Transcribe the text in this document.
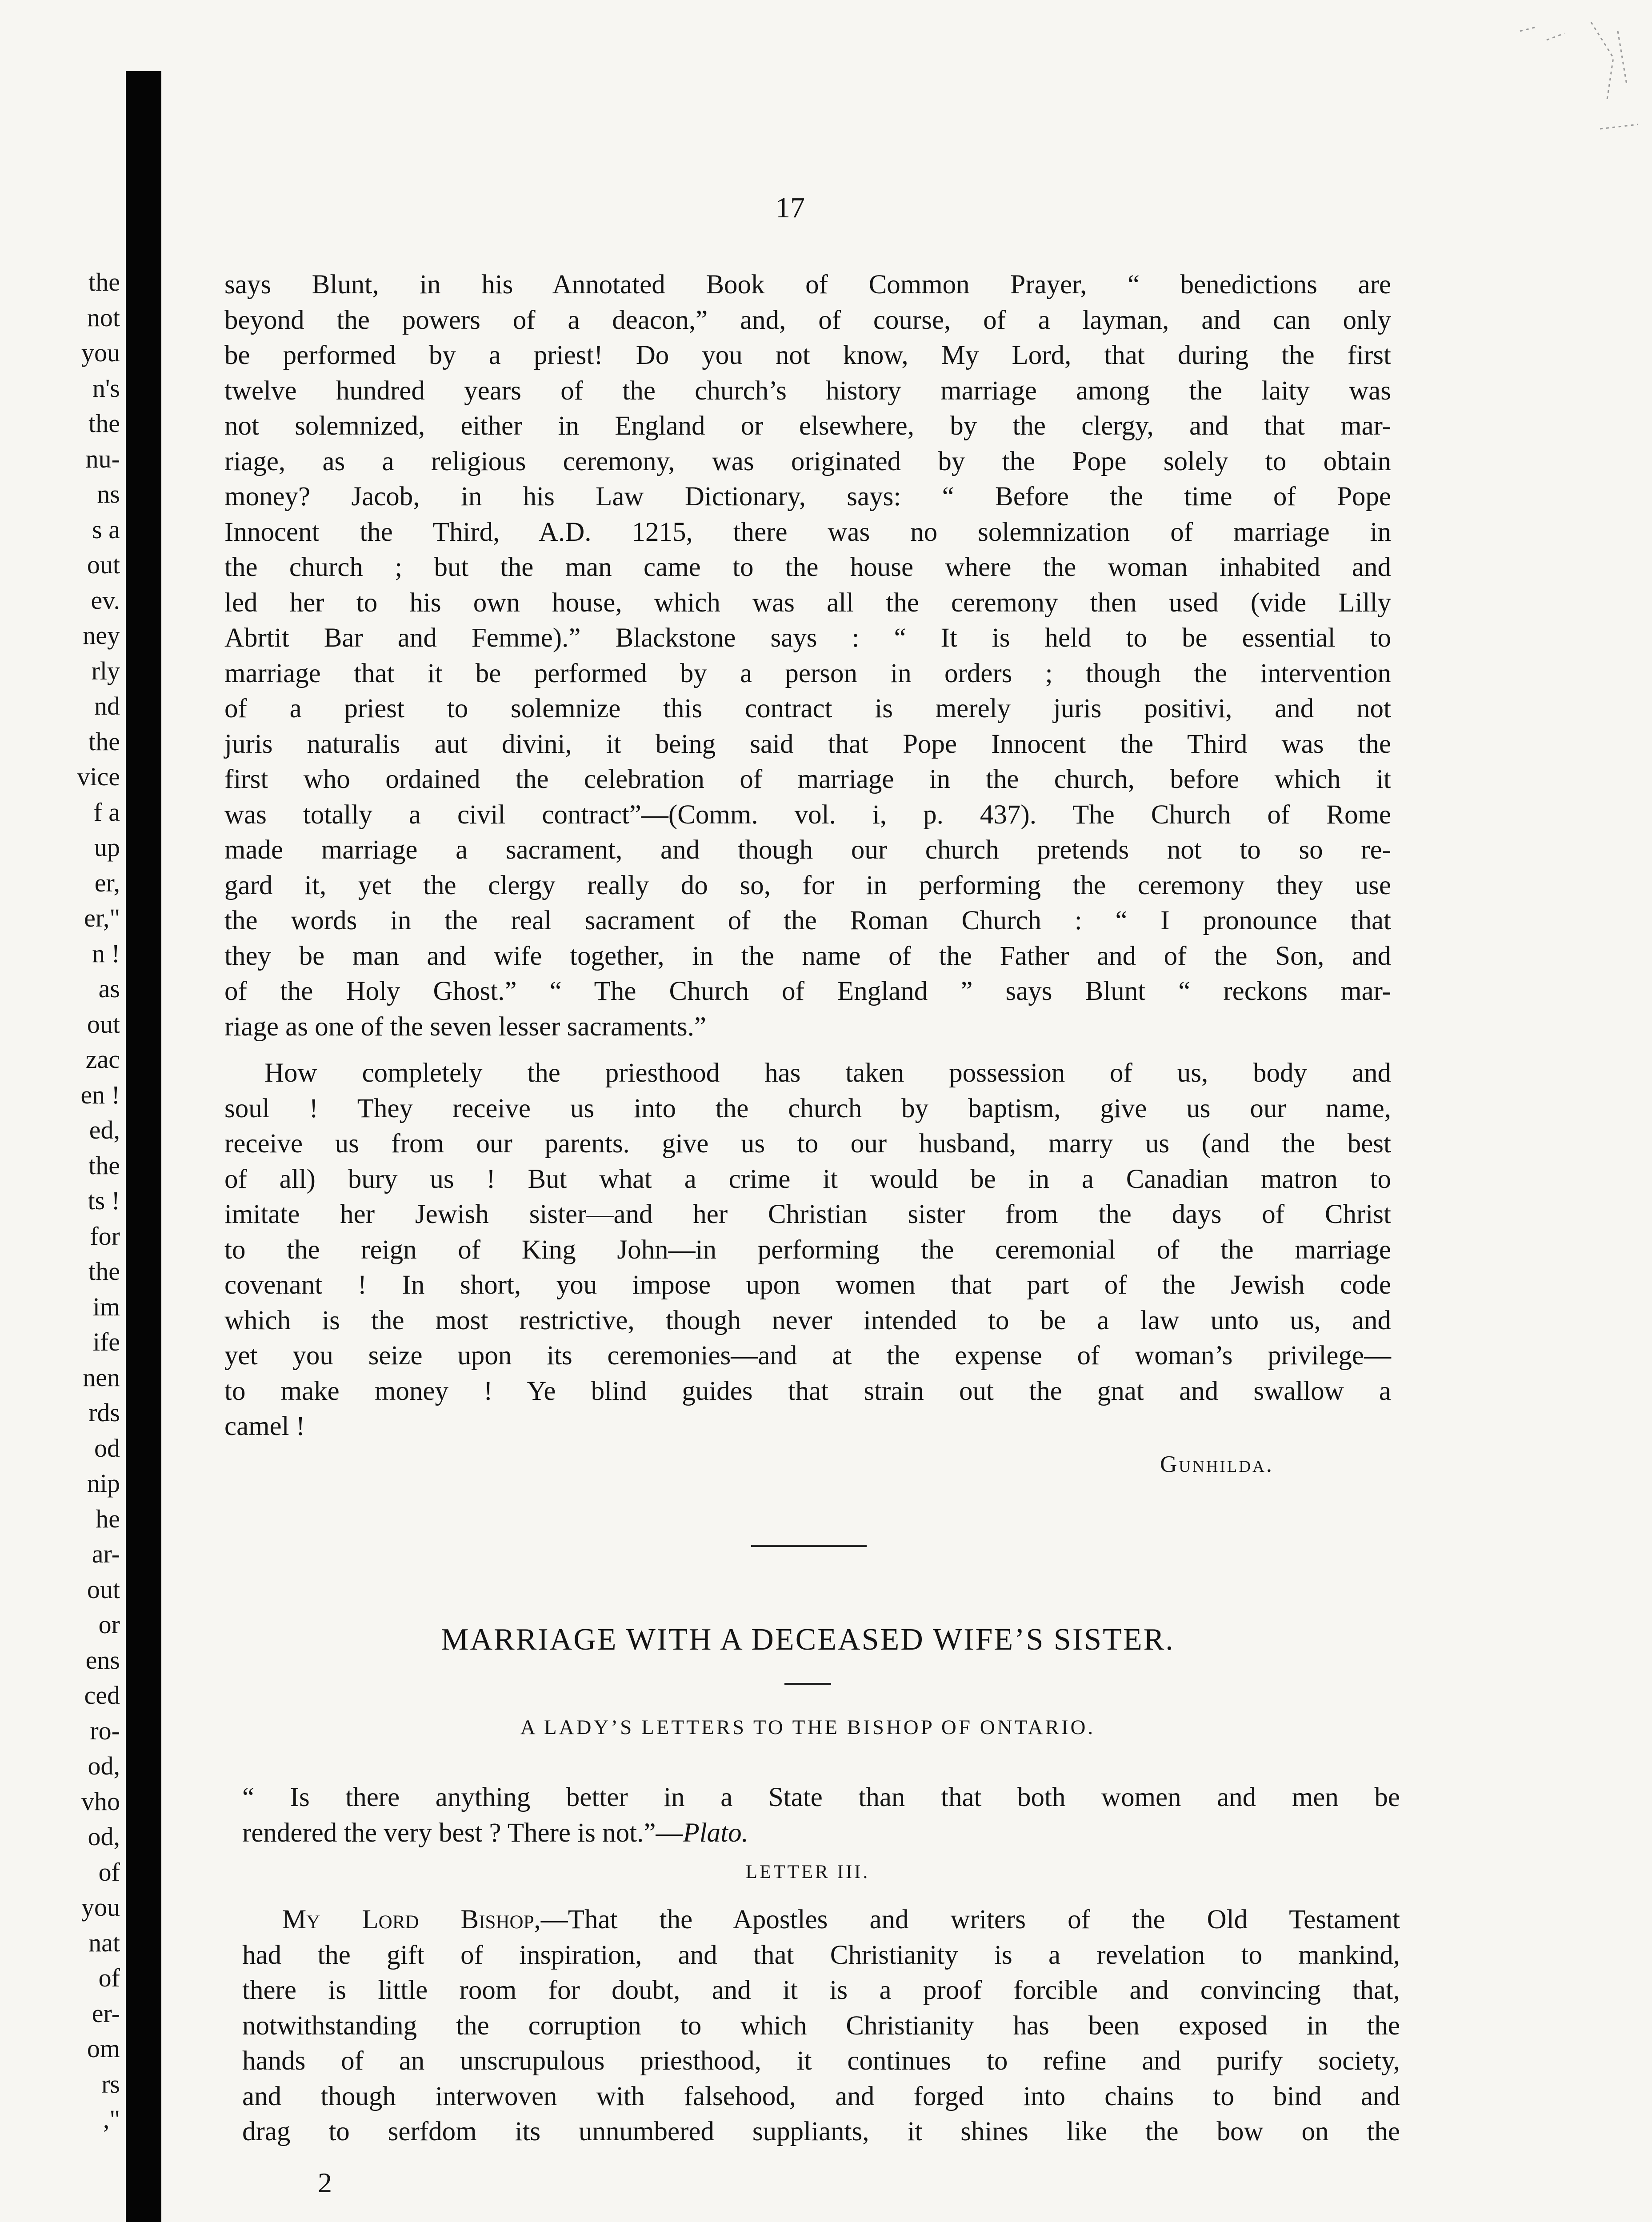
the
not
you
n's
the
nu-
ns
s a
out
ev.
ney
rly
nd
the
vice
f a
up
er,
er,"
n !
as
out
zac
en !
ed,
the
ts !
for
the
im
ife
nen
rds
od
nip
he
ar-
out
or
ens
ced
ro-
od,
vho
od,
of
you
nat
of
er-
om
rs
,"
17
says Blunt, in his Annotated Book of Common Prayer, “ benedictions are
beyond the powers of a deacon,” and, of course, of a layman, and can only
be performed by a priest! Do you not know, My Lord, that during the first
twelve hundred years of the church’s history marriage among the laity was
not solemnized, either in England or elsewhere, by the clergy, and that mar-
riage, as a religious ceremony, was originated by the Pope solely to obtain
money? Jacob, in his Law Dictionary, says: “ Before the time of Pope
Innocent the Third, A.D. 1215, there was no solemnization of marriage in
the church ; but the man came to the house where the woman inhabited and
led her to his own house, which was all the ceremony then used (vide Lilly
Abrtit Bar and Femme).” Blackstone says : “ It is held to be essential to
marriage that it be performed by a person in orders ; though the intervention
of a priest to solemnize this contract is merely juris positivi, and not
juris naturalis aut divini, it being said that Pope Innocent the Third was the
first who ordained the celebration of marriage in the church, before which it
was totally a civil contract”—(Comm. vol. i, p. 437). The Church of Rome
made marriage a sacrament, and though our church pretends not to so re-
gard it, yet the clergy really do so, for in performing the ceremony they use
the words in the real sacrament of the Roman Church : “ I pronounce that
they be man and wife together, in the name of the Father and of the Son, and
of the Holy Ghost.” “ The Church of England ” says Blunt “ reckons mar-
riage as one of the seven lesser sacraments.”
How completely the priesthood has taken possession of us, body and
soul ! They receive us into the church by baptism, give us our name,
receive us from our parents. give us to our husband, marry us (and the best
of all) bury us ! But what a crime it would be in a Canadian matron to
imitate her Jewish sister—and her Christian sister from the days of Christ
to the reign of King John—in performing the ceremonial of the marriage
covenant ! In short, you impose upon women that part of the Jewish code
which is the most restrictive, though never intended to be a law unto us, and
yet you seize upon its ceremonies—and at the expense of woman’s privilege—
to make money ! Ye blind guides that strain out the gnat and swallow a
camel !
Gunhilda.
MARRIAGE WITH A DECEASED WIFE’S SISTER.
A LADY’S LETTERS TO THE BISHOP OF ONTARIO.
“ Is there anything better in a State than that both women and men be
rendered the very best ? There is not.”—Plato.
LETTER III.
My Lord Bishop,—That the Apostles and writers of the Old Testament
had the gift of inspiration, and that Christianity is a revelation to mankind,
there is little room for doubt, and it is a proof forcible and convincing that,
notwithstanding the corruption to which Christianity has been exposed in the
hands of an unscrupulous priesthood, it continues to refine and purify society,
and though interwoven with falsehood, and forged into chains to bind and
drag to serfdom its unnumbered suppliants, it shines like the bow on the
2
